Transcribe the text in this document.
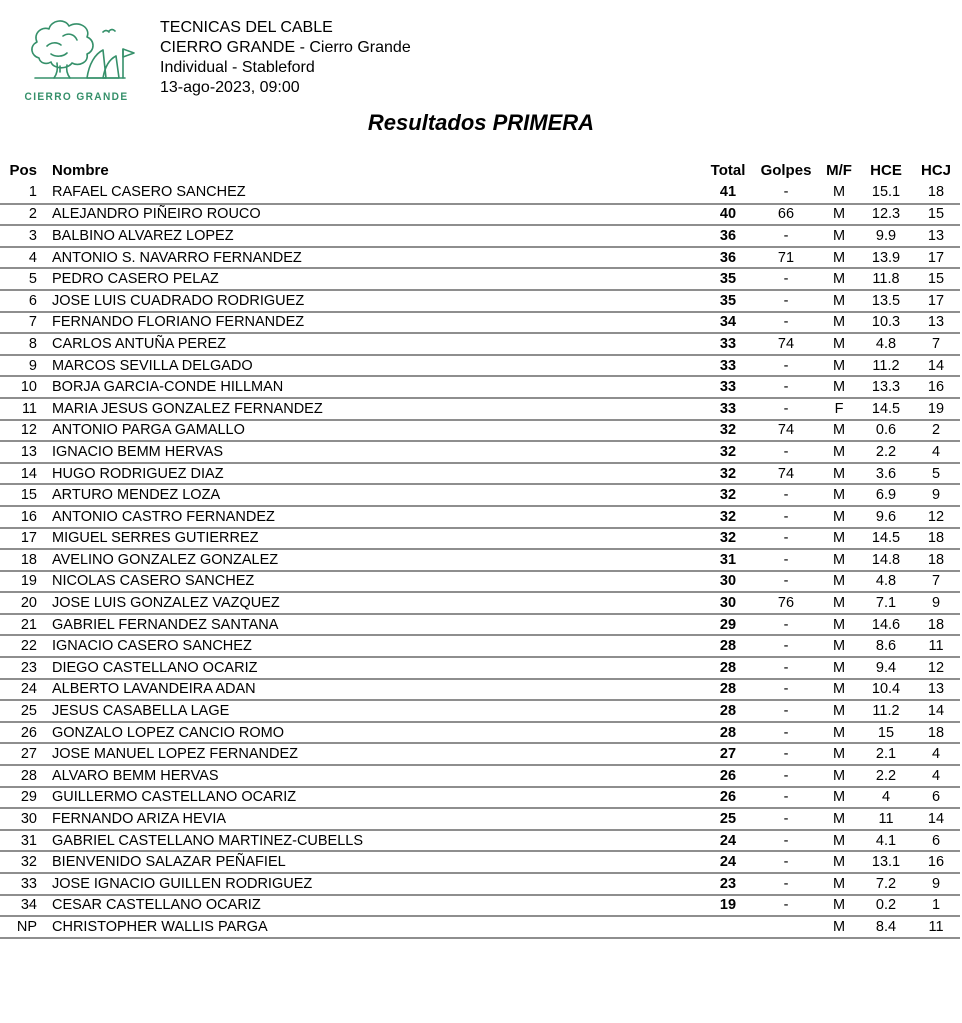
CIERRO GRANDE
TECNICAS DEL CABLE
CIERRO GRANDE - Cierro Grande
Individual - Stableford
13-ago-2023, 09:00
Resultados PRIMERA
Pos	Nombre	Total	Golpes	M/F	HCE	HCJ
1	RAFAEL CASERO SANCHEZ	41	-	M	15.1	18
2	ALEJANDRO PIÑEIRO ROUCO	40	66	M	12.3	15
3	BALBINO ALVAREZ LOPEZ	36	-	M	9.9	13
4	ANTONIO S. NAVARRO FERNANDEZ	36	71	M	13.9	17
5	PEDRO CASERO PELAZ	35	-	M	11.8	15
6	JOSE LUIS CUADRADO RODRIGUEZ	35	-	M	13.5	17
7	FERNANDO FLORIANO FERNANDEZ	34	-	M	10.3	13
8	CARLOS ANTUÑA PEREZ	33	74	M	4.8	7
9	MARCOS SEVILLA DELGADO	33	-	M	11.2	14
10	BORJA GARCIA-CONDE HILLMAN	33	-	M	13.3	16
11	MARIA JESUS GONZALEZ FERNANDEZ	33	-	F	14.5	19
12	ANTONIO PARGA GAMALLO	32	74	M	0.6	2
13	IGNACIO BEMM HERVAS	32	-	M	2.2	4
14	HUGO RODRIGUEZ DIAZ	32	74	M	3.6	5
15	ARTURO MENDEZ LOZA	32	-	M	6.9	9
16	ANTONIO CASTRO FERNANDEZ	32	-	M	9.6	12
17	MIGUEL SERRES GUTIERREZ	32	-	M	14.5	18
18	AVELINO GONZALEZ GONZALEZ	31	-	M	14.8	18
19	NICOLAS CASERO SANCHEZ	30	-	M	4.8	7
20	JOSE LUIS GONZALEZ VAZQUEZ	30	76	M	7.1	9
21	GABRIEL FERNANDEZ SANTANA	29	-	M	14.6	18
22	IGNACIO CASERO SANCHEZ	28	-	M	8.6	11
23	DIEGO CASTELLANO OCARIZ	28	-	M	9.4	12
24	ALBERTO LAVANDEIRA ADAN	28	-	M	10.4	13
25	JESUS CASABELLA LAGE	28	-	M	11.2	14
26	GONZALO LOPEZ CANCIO ROMO	28	-	M	15	18
27	JOSE MANUEL LOPEZ FERNANDEZ	27	-	M	2.1	4
28	ALVARO BEMM HERVAS	26	-	M	2.2	4
29	GUILLERMO CASTELLANO OCARIZ	26	-	M	4	6
30	FERNANDO ARIZA HEVIA	25	-	M	11	14
31	GABRIEL CASTELLANO MARTINEZ-CUBELLS	24	-	M	4.1	6
32	BIENVENIDO SALAZAR PEÑAFIEL	24	-	M	13.1	16
33	JOSE IGNACIO GUILLEN RODRIGUEZ	23	-	M	7.2	9
34	CESAR CASTELLANO OCARIZ	19	-	M	0.2	1
NP	CHRISTOPHER WALLIS PARGA			M	8.4	11
